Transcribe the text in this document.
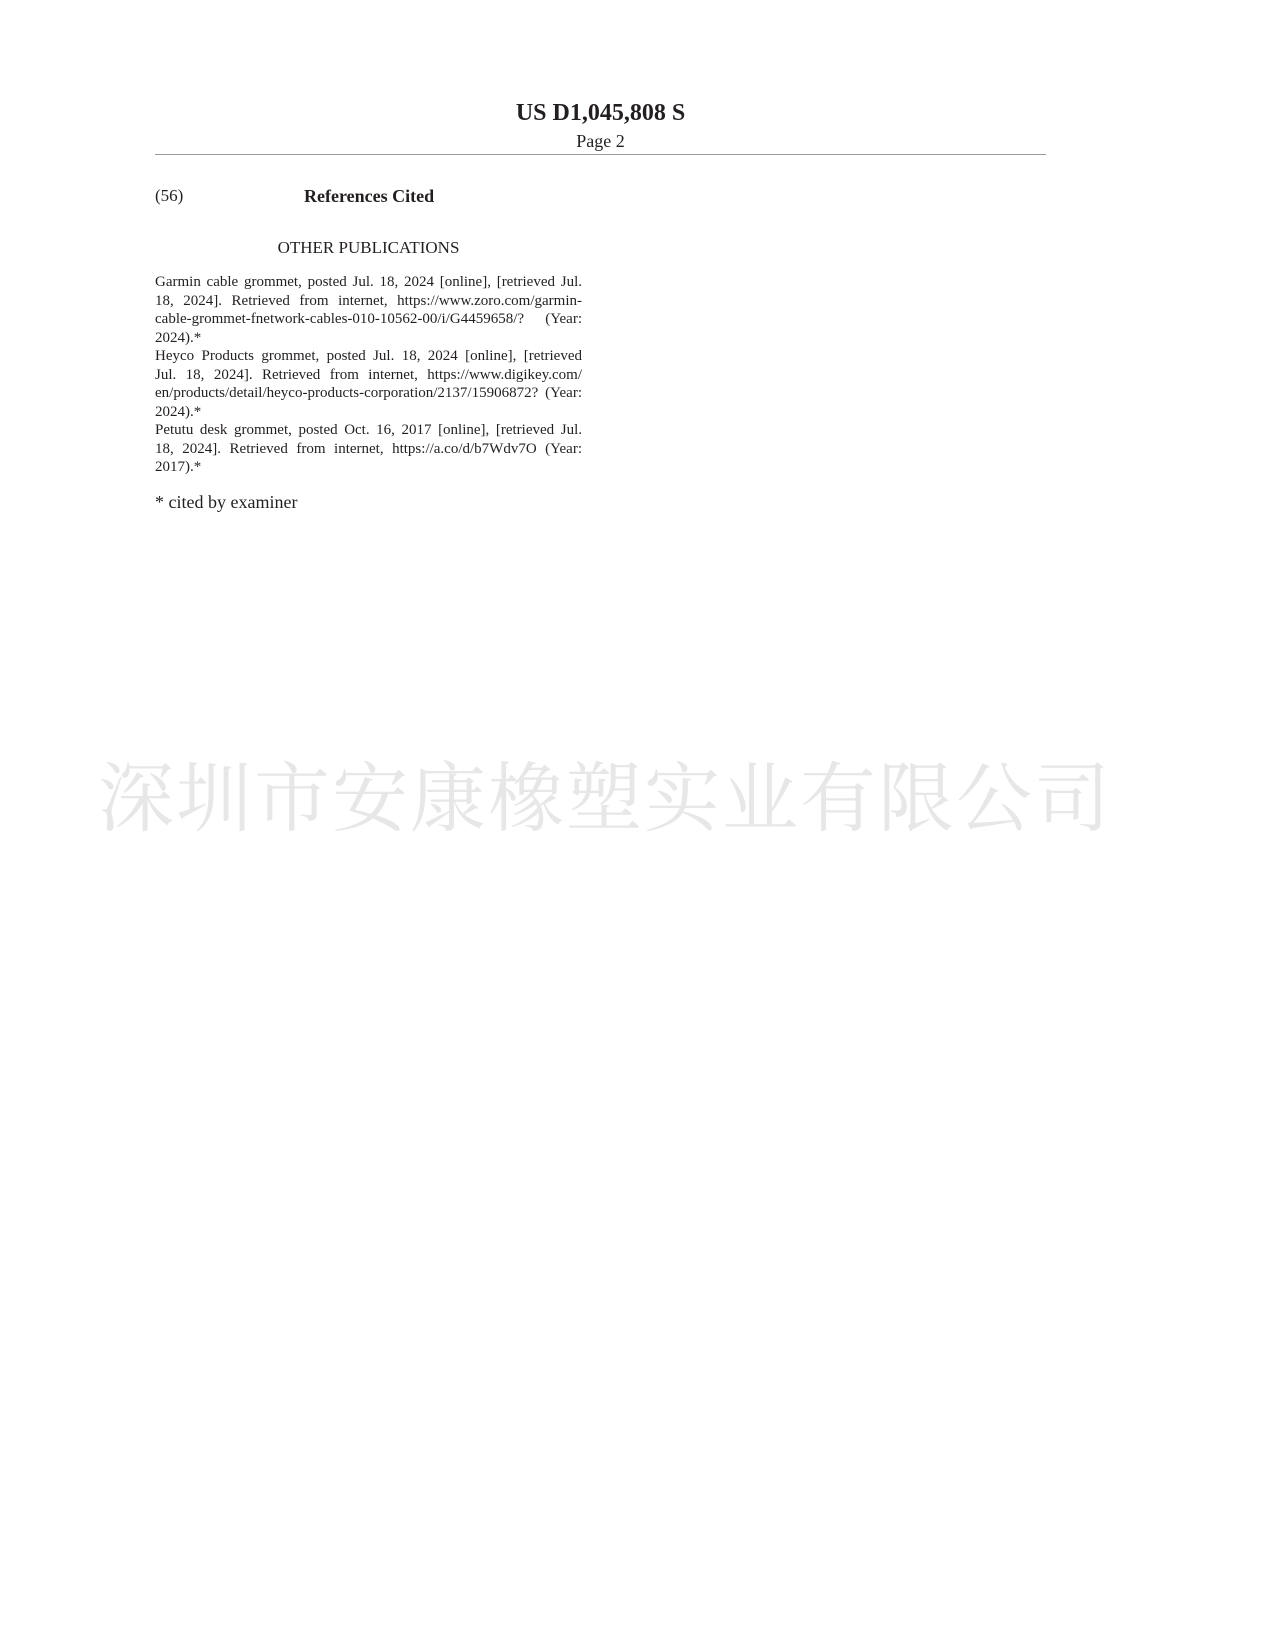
深圳市安康橡塑实业有限公司
US D1,045,808 S
Page 2
(56)	References Cited
OTHER PUBLICATIONS
Garmin cable grommet, posted Jul. 18, 2024 [online], [retrieved Jul.
18, 2024]. Retrieved from internet, https://www.zoro.com/garmin-
cable-grommet-fnetwork-cables-010-10562-00/i/G4459658/? (Year:
2024).*
Heyco Products grommet, posted Jul. 18, 2024 [online], [retrieved
Jul. 18, 2024]. Retrieved from internet, https://www.digikey.com/
en/products/detail/heyco-products-corporation/2137/15906872? (Year:
2024).*
Petutu desk grommet, posted Oct. 16, 2017 [online], [retrieved Jul.
18, 2024]. Retrieved from internet, https://a.co/d/b7Wdv7O (Year:
2017).*
* cited by examiner
